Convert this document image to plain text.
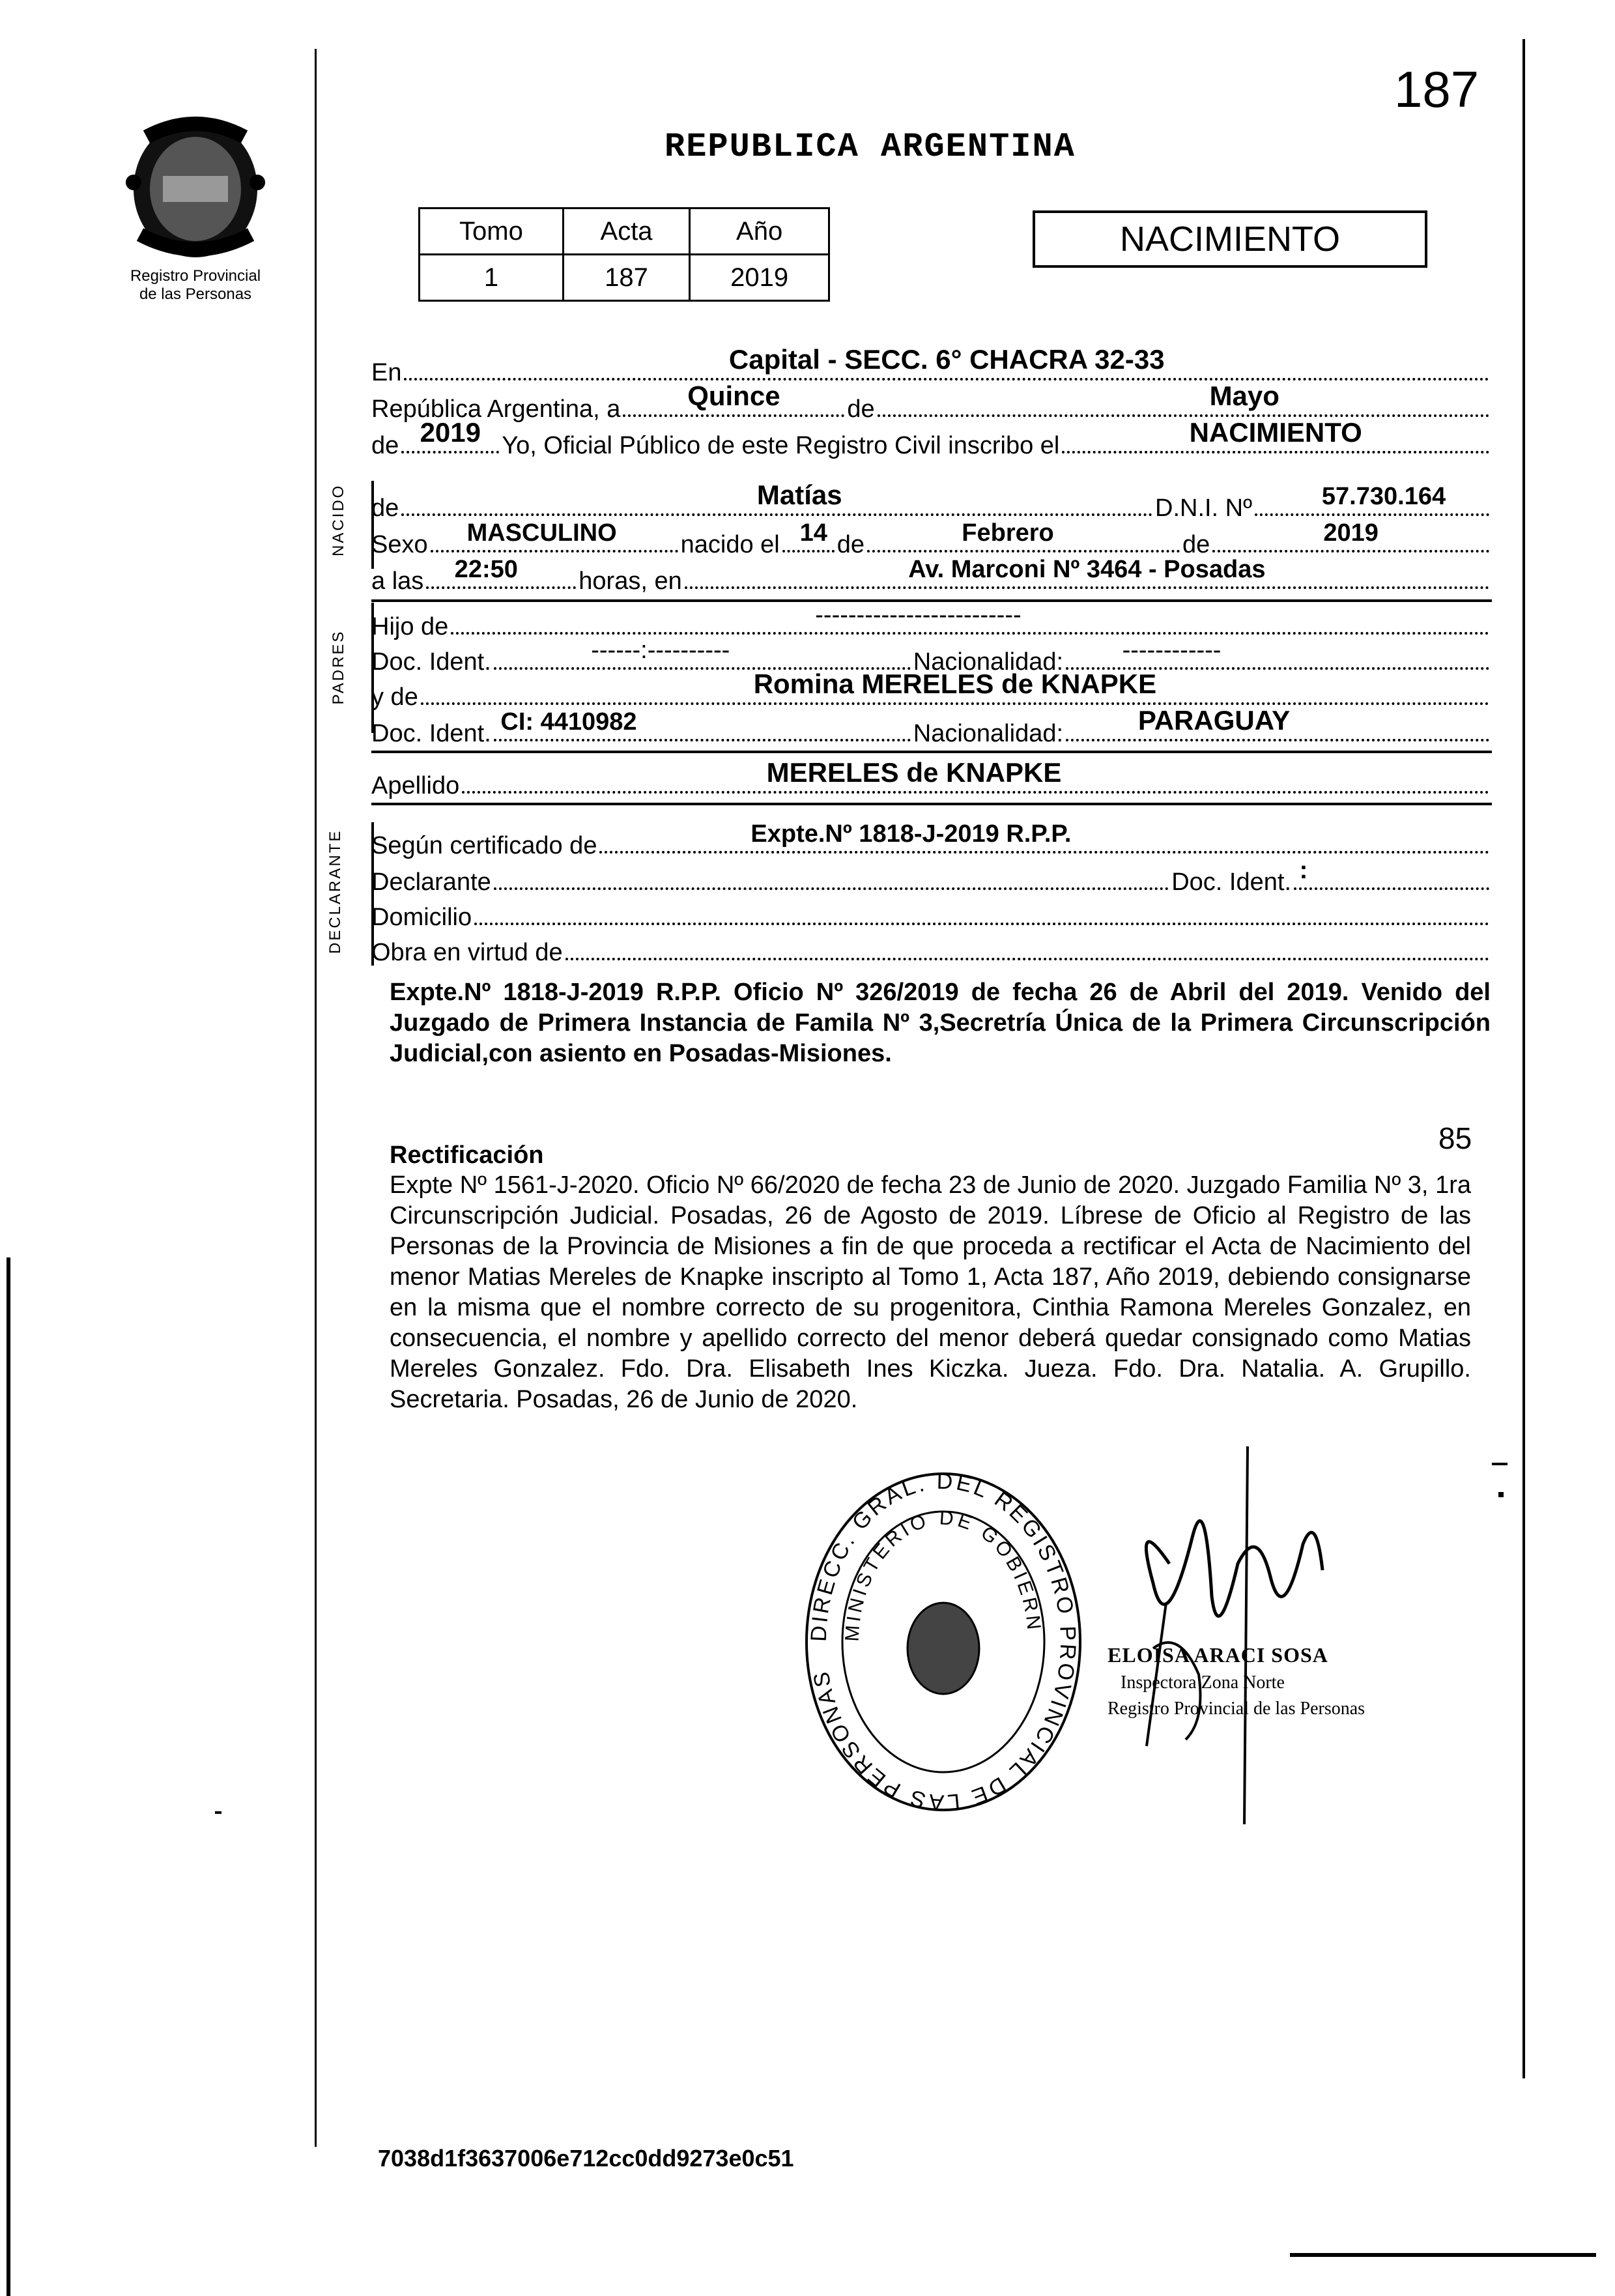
187
Registro Provincial
de las Personas
REPUBLICA ARGENTINA
Tomo	Acta	Año
1	187	2019
NACIMIENTO
NACIDO
PADRES
DECLARANTE
En	Capital - SECC. 6° CHACRA 32-33
República Argentina, a Quince	de	Mayo
de 2019 Yo, Oficial Público de este Registro Civil inscribo el	NACIMIENTO
de	Matías	D.N.I. Nº	57.730.164
Sexo MASCULINO	nacido el 14 de	Febrero	de	2019
a las 22:50 horas, en	Av. Marconi Nº 3464 - Posadas
Hijo de	-------------------------
Doc. Ident.	------:----------	Nacionalidad: ------------
y de	Romina MERELES de KNAPKE
Doc. Ident. CI: 4410982	Nacionalidad:	PARAGUAY
Apellido	MERELES de KNAPKE
Según certificado de	Expte.Nº 1818-J-2019 R.P.P.
Declarante	Doc. Ident. :
Domicilio
Obra en virtud de
Expte.Nº 1818-J-2019 R.P.P. Oficio Nº 326/2019 de fecha 26 de Abril del 2019. Venido del Juzgado de Primera Instancia de Famila Nº 3,Secretría Única de la Primera Circunscripción Judicial,con asiento en Posadas-Misiones.
85
Rectificación
Expte Nº 1561-J-2020. Oficio Nº 66/2020 de fecha 23 de Junio de 2020. Juzgado Familia Nº 3, 1ra Circunscripción Judicial. Posadas, 26 de Agosto de 2019. Líbrese de Oficio al Registro de las Personas de la Provincia de Misiones a fin de que proceda a rectificar el Acta de Nacimiento del menor Matias Mereles de Knapke inscripto al Tomo 1, Acta 187, Año 2019, debiendo consignarse en la misma que el nombre correcto de su progenitora, Cinthia Ramona Mereles Gonzalez, en consecuencia, el nombre y apellido correcto del menor deberá quedar consignado como Matias Mereles Gonzalez. Fdo. Dra. Elisabeth Ines Kiczka. Jueza. Fdo. Dra. Natalia. A. Grupillo. Secretaria. Posadas, 26 de Junio de 2020.
DIRECC. GRAL. DEL REGISTRO PROVINCIAL DE LAS PERSONAS
MINISTERIO DE GOBIERN
ELOISA ARACI SOSA
Inspectora Zona Norte
Registro Provincial de las Personas
7038d1f3637006e712cc0dd9273e0c51
